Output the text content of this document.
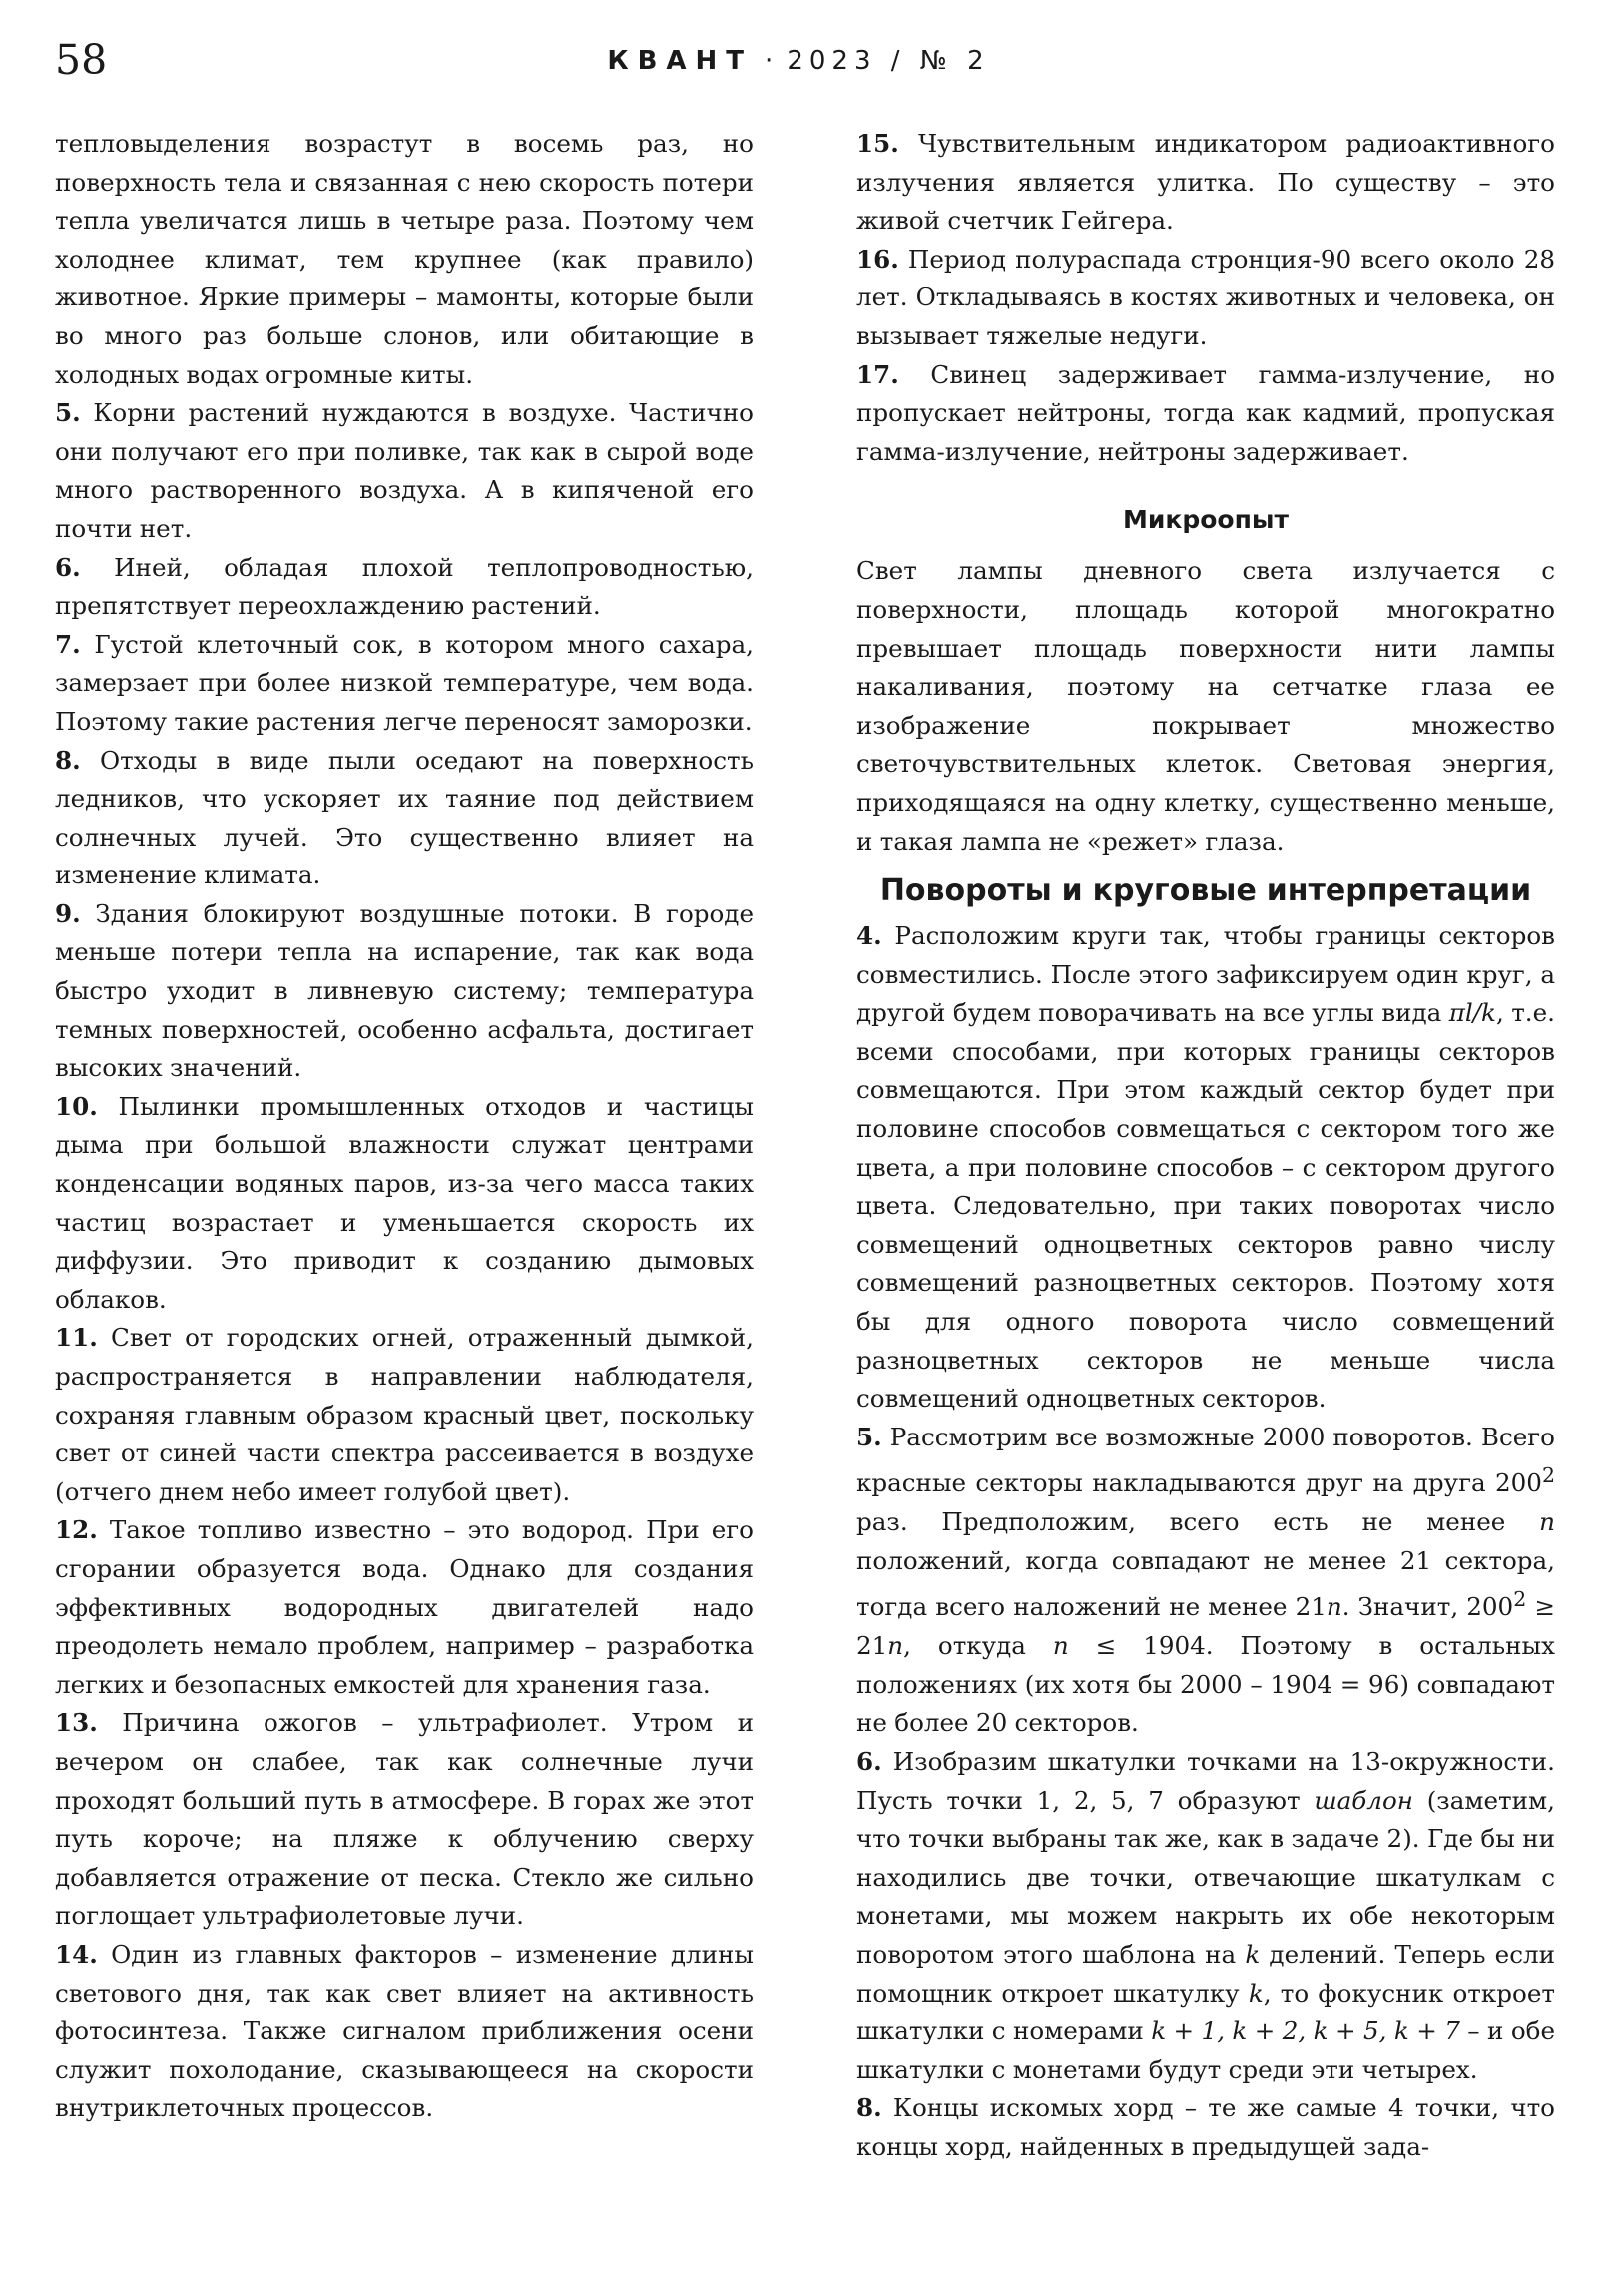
58	КВАНТ · 2023 / № 2

тепловыделения возрастут в восемь раз, но поверхность тела и связанная с нею скорость потери тепла увеличатся лишь в четыре раза. Поэтому чем холоднее климат, тем крупнее (как правило) животное. Яркие примеры – мамонты, которые были во много раз больше слонов, или обитающие в холодных водах огромные киты.

5. Корни растений нуждаются в воздухе. Частично они получают его при поливке, так как в сырой воде много растворенного воздуха. А в кипяченой его почти нет.

6. Иней, обладая плохой теплопроводностью, препятствует переохлаждению растений.

7. Густой клеточный сок, в котором много сахара, замерзает при более низкой температуре, чем вода. Поэтому такие растения легче переносят заморозки.

8. Отходы в виде пыли оседают на поверхность ледников, что ускоряет их таяние под действием солнечных лучей. Это существенно влияет на изменение климата.

9. Здания блокируют воздушные потоки. В городе меньше потери тепла на испарение, так как вода быстро уходит в ливневую систему; температура темных поверхностей, особенно асфальта, достигает высоких значений.

10. Пылинки промышленных отходов и частицы дыма при большой влажности служат центрами конденсации водяных паров, из-за чего масса таких частиц возрастает и уменьшается скорость их диффузии. Это приводит к созданию дымовых облаков.

11. Свет от городских огней, отраженный дымкой, распространяется в направлении наблюдателя, сохраняя главным образом красный цвет, поскольку свет от синей части спектра рассеивается в воздухе (отчего днем небо имеет голубой цвет).

12. Такое топливо известно – это водород. При его сгорании образуется вода. Однако для создания эффективных водородных двигателей надо преодолеть немало проблем, например – разработка легких и безопасных емкостей для хранения газа.

13. Причина ожогов – ультрафиолет. Утром и вечером он слабее, так как солнечные лучи проходят больший путь в атмосфере. В горах же этот путь короче; на пляже к облучению сверху добавляется отражение от песка. Стекло же сильно поглощает ультрафиолетовые лучи.

14. Один из главных факторов – изменение длины светового дня, так как свет влияет на активность фотосинтеза. Также сигналом приближения осени служит похолодание, сказывающееся на скорости внутриклеточных процессов.

15. Чувствительным индикатором радиоактивного излучения является улитка. По существу – это живой счетчик Гейгера.

16. Период полураспада стронция-90 всего около 28 лет. Откладываясь в костях животных и человека, он вызывает тяжелые недуги.

17. Свинец задерживает гамма-излучение, но пропускает нейтроны, тогда как кадмий, пропуская гамма-излучение, нейтроны задерживает.

Микроопыт

Свет лампы дневного света излучается с поверхности, площадь которой многократно превышает площадь поверхности нити лампы накаливания, поэтому на сетчатке глаза ее изображение покрывает множество светочувствительных клеток. Световая энергия, приходящаяся на одну клетку, существенно меньше, и такая лампа не «режет» глаза.

Повороты и круговые интерпретации

4. Расположим круги так, чтобы границы секторов совместились. После этого зафиксируем один круг, а другой будем поворачивать на все углы вида πl/k, т.е. всеми способами, при которых границы секторов совмещаются. При этом каждый сектор будет при половине способов совмещаться с сектором того же цвета, а при половине способов – с сектором другого цвета. Следовательно, при таких поворотах число совмещений одноцветных секторов равно числу совмещений разноцветных секторов. Поэтому хотя бы для одного поворота число совмещений разноцветных секторов не меньше числа совмещений одноцветных секторов.

5. Рассмотрим все возможные 2000 поворотов. Всего красные секторы накладываются друг на друга $200^2$ раз. Предположим, всего есть не менее n положений, когда совпадают не менее 21 сектора, тогда всего наложений не менее 21n. Значит, $200^2 \ge 21n$, откуда n ≤ 1904. Поэтому в остальных положениях (их хотя бы 2000 – 1904 = 96) совпадают не более 20 секторов.

6. Изобразим шкатулки точками на 13-окружности. Пусть точки 1, 2, 5, 7 образуют шаблон (заметим, что точки выбраны так же, как в задаче 2). Где бы ни находились две точки, отвечающие шкатулкам с монетами, мы можем накрыть их обе некоторым поворотом этого шаблона на k делений. Теперь если помощник откроет шкатулку k, то фокусник откроет шкатулки с номерами k + 1, k + 2, k + 5, k + 7 – и обе шкатулки с монетами будут среди эти четырех.

8. Концы искомых хорд – те же самые 4 точки, что концы хорд, найденных в предыдущей зада-
